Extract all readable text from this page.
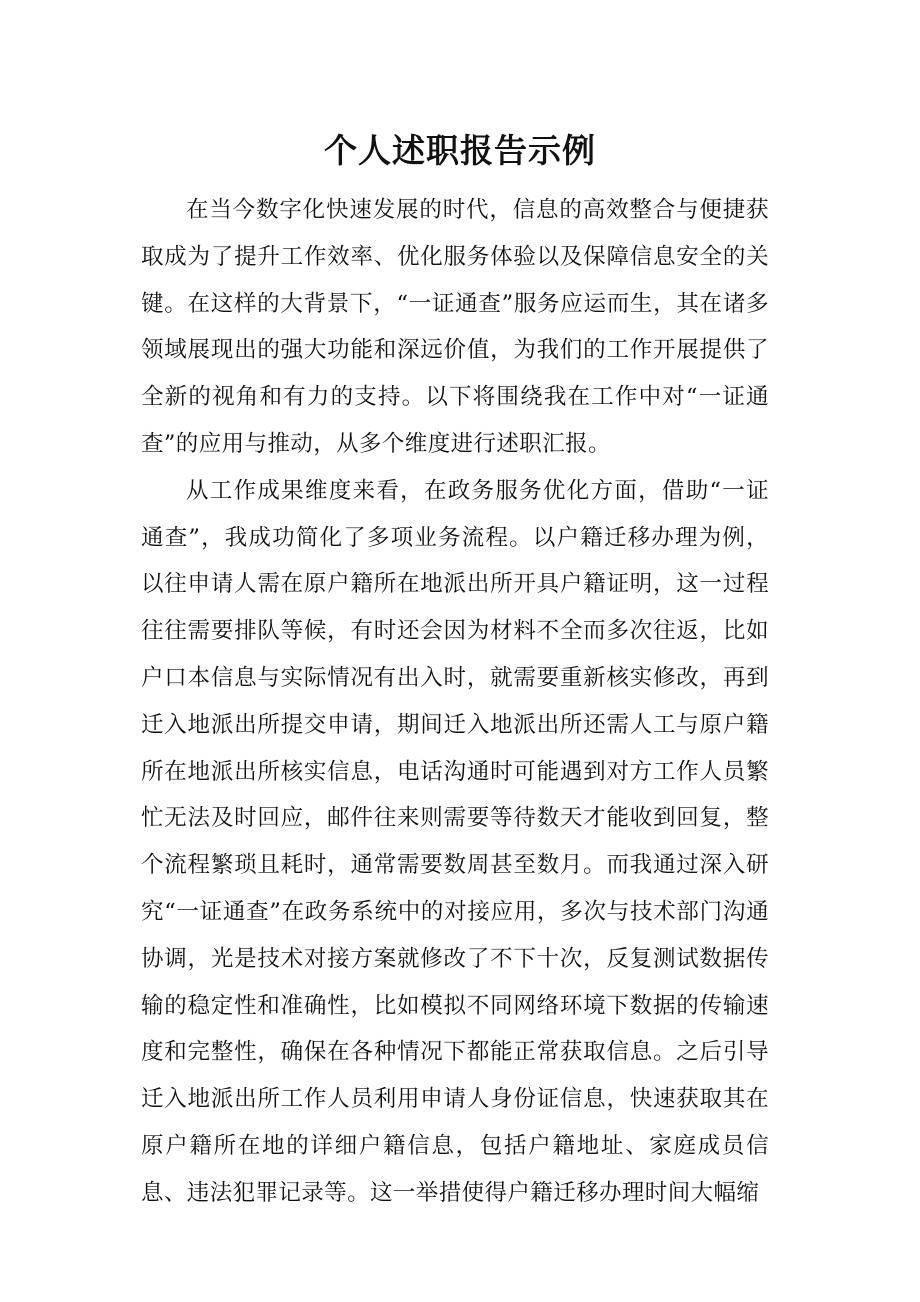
个人述职报告示例

在当今数字化快速发展的时代，信息的高效整合与便捷获取成为了提升工作效率、优化服务体验以及保障信息安全的关键。在这样的大背景下，“一证通查”服务应运而生，其在诸多领域展现出的强大功能和深远价值，为我们的工作开展提供了全新的视角和有力的支持。以下将围绕我在工作中对“一证通查”的应用与推动，从多个维度进行述职汇报。

从工作成果维度来看，在政务服务优化方面，借助“一证通查”，我成功简化了多项业务流程。以户籍迁移办理为例，以往申请人需在原户籍所在地派出所开具户籍证明，这一过程往往需要排队等候，有时还会因为材料不全而多次往返，比如户口本信息与实际情况有出入时，就需要重新核实修改，再到迁入地派出所提交申请，期间迁入地派出所还需人工与原户籍所在地派出所核实信息，电话沟通时可能遇到对方工作人员繁忙无法及时回应，邮件往来则需要等待数天才能收到回复，整个流程繁琐且耗时，通常需要数周甚至数月。而我通过深入研究“一证通查”在政务系统中的对接应用，多次与技术部门沟通协调，光是技术对接方案就修改了不下十次，反复测试数据传输的稳定性和准确性，比如模拟不同网络环境下数据的传输速度和完整性，确保在各种情况下都能正常获取信息。之后引导迁入地派出所工作人员利用申请人身份证信息，快速获取其在原户籍所在地的详细户籍信息，包括户籍地址、家庭成员信息、违法犯罪记录等。这一举措使得户籍迁移办理时间大幅缩
